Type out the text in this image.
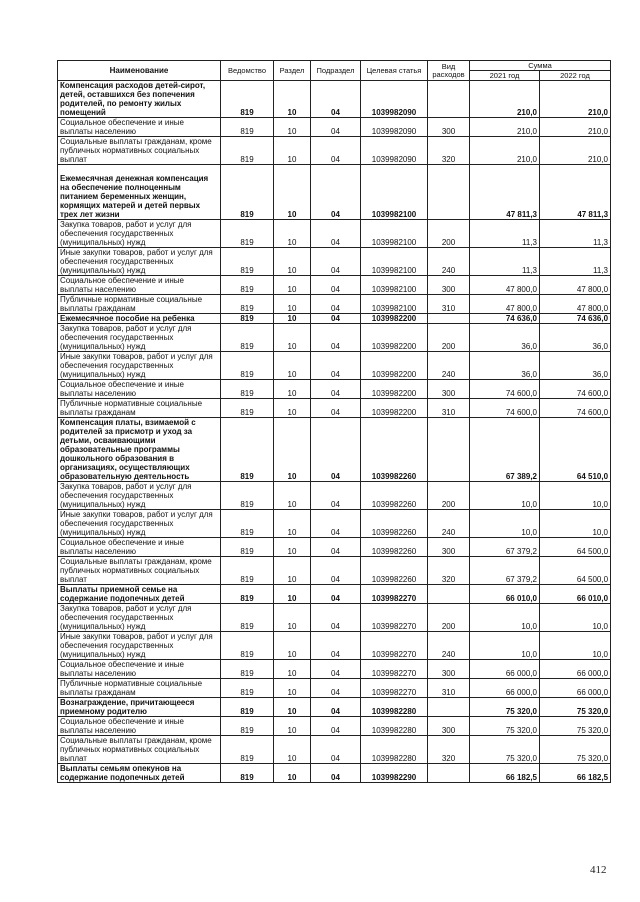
Наименование	Ведомство	Раздел	Подраздел	Целевая статья	Вид расходов	Сумма	
						2021 год	2022 год
Компенсация расходов детей-сирот, детей, оставшихся без попечения родителей, по ремонту жилых помещений	819	10	04	1039982090		210,0	210,0
Социальное обеспечение и иные выплаты населению	819	10	04	1039982090	300	210,0	210,0
Социальные выплаты гражданам, кроме публичных нормативных социальных выплат	819	10	04	1039982090	320	210,0	210,0
Ежемесячная денежная компенсация на обеспечение полноценным питанием беременных женщин, кормящих матерей и детей первых трех лет жизни	819	10	04	1039982100		47 811,3	47 811,3
Закупка товаров, работ и услуг для обеспечения государственных (муниципальных) нужд	819	10	04	1039982100	200	11,3	11,3
Иные закупки товаров, работ и услуг для обеспечения государственных (муниципальных) нужд	819	10	04	1039982100	240	11,3	11,3
Социальное обеспечение и иные выплаты населению	819	10	04	1039982100	300	47 800,0	47 800,0
Публичные нормативные социальные выплаты гражданам	819	10	04	1039982100	310	47 800,0	47 800,0
Ежемесячное пособие на ребенка	819	10	04	1039982200		74 636,0	74 636,0
Закупка товаров, работ и услуг для обеспечения государственных (муниципальных) нужд	819	10	04	1039982200	200	36,0	36,0
Иные закупки товаров, работ и услуг для обеспечения государственных (муниципальных) нужд	819	10	04	1039982200	240	36,0	36,0
Социальное обеспечение и иные выплаты населению	819	10	04	1039982200	300	74 600,0	74 600,0
Публичные нормативные социальные выплаты гражданам	819	10	04	1039982200	310	74 600,0	74 600,0
Компенсация платы, взимаемой с родителей за присмотр и уход за детьми, осваивающими образовательные программы дошкольного образования в организациях, осуществляющих образовательную деятельность	819	10	04	1039982260		67 389,2	64 510,0
Закупка товаров, работ и услуг для обеспечения государственных (муниципальных) нужд	819	10	04	1039982260	200	10,0	10,0
Иные закупки товаров, работ и услуг для обеспечения государственных (муниципальных) нужд	819	10	04	1039982260	240	10,0	10,0
Социальное обеспечение и иные выплаты населению	819	10	04	1039982260	300	67 379,2	64 500,0
Социальные выплаты гражданам, кроме публичных нормативных социальных выплат	819	10	04	1039982260	320	67 379,2	64 500,0
Выплаты приемной семье на содержание подопечных детей	819	10	04	1039982270		66 010,0	66 010,0
Закупка товаров, работ и услуг для обеспечения государственных (муниципальных) нужд	819	10	04	1039982270	200	10,0	10,0
Иные закупки товаров, работ и услуг для обеспечения государственных (муниципальных) нужд	819	10	04	1039982270	240	10,0	10,0
Социальное обеспечение и иные выплаты населению	819	10	04	1039982270	300	66 000,0	66 000,0
Публичные нормативные социальные выплаты гражданам	819	10	04	1039982270	310	66 000,0	66 000,0
Вознаграждение, причитающееся приемному родителю	819	10	04	1039982280		75 320,0	75 320,0
Социальное обеспечение и иные выплаты населению	819	10	04	1039982280	300	75 320,0	75 320,0
Социальные выплаты гражданам, кроме публичных нормативных социальных выплат	819	10	04	1039982280	320	75 320,0	75 320,0
Выплаты семьям опекунов на содержание подопечных детей	819	10	04	1039982290		66 182,5	66 182,5
412
